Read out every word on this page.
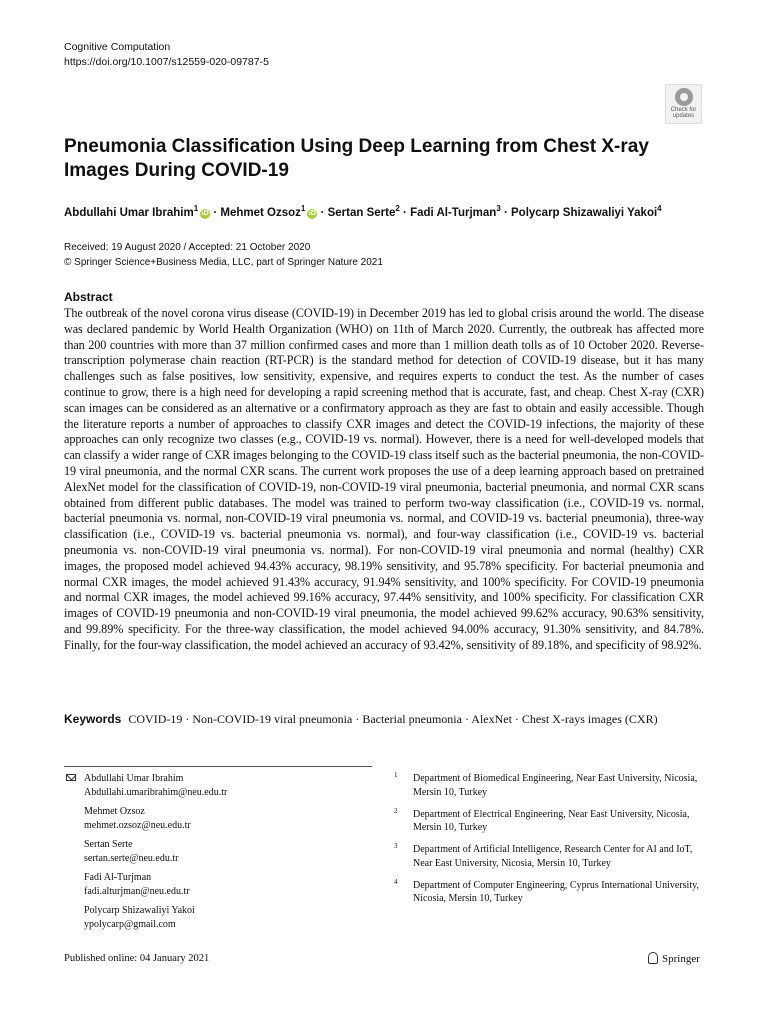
Cognitive Computation
https://doi.org/10.1007/s12559-020-09787-5
Check for updates
Pneumonia Classification Using Deep Learning from Chest X-ray Images During COVID-19
Abdullahi Umar Ibrahim$^1$iD · Mehmet Ozsoz$^1$iD · Sertan Serte$^2$ · Fadi Al-Turjman$^3$ · Polycarp Shizawaliyi Yakoi$^4$
Received: 19 August 2020 / Accepted: 21 October 2020
© Springer Science+Business Media, LLC, part of Springer Nature 2021
Abstract

The outbreak of the novel corona virus disease (COVID-19) in December 2019 has led to global crisis around the world. The disease was declared pandemic by World Health Organization (WHO) on 11th of March 2020. Currently, the outbreak has affected more than 200 countries with more than 37 million confirmed cases and more than 1 million death tolls as of 10 October 2020. Reverse-transcription polymerase chain reaction (RT-PCR) is the standard method for detection of COVID-19 disease, but it has many challenges such as false positives, low sensitivity, expensive, and requires experts to conduct the test. As the number of cases continue to grow, there is a high need for developing a rapid screening method that is accurate, fast, and cheap. Chest X-ray (CXR) scan images can be considered as an alternative or a confirmatory approach as they are fast to obtain and easily accessible. Though the literature reports a number of approaches to classify CXR images and detect the COVID-19 infections, the majority of these approaches can only recognize two classes (e.g., COVID-19 vs. normal). However, there is a need for well-developed models that can classify a wider range of CXR images belonging to the COVID-19 class itself such as the bacterial pneumonia, the non-COVID-19 viral pneumonia, and the normal CXR scans. The current work proposes the use of a deep learning approach based on pretrained AlexNet model for the classification of COVID-19, non-COVID-19 viral pneumonia, bacterial pneumonia, and normal CXR scans obtained from different public databases. The model was trained to perform two-way classification (i.e., COVID-19 vs. normal, bacterial pneumonia vs. normal, non-COVID-19 viral pneumonia vs. normal, and COVID-19 vs. bacterial pneumonia), three-way classification (i.e., COVID-19 vs. bacterial pneumonia vs. normal), and four-way classification (i.e., COVID-19 vs. bacterial pneumonia vs. non-COVID-19 viral pneumonia vs. normal). For non-COVID-19 viral pneumonia and normal (healthy) CXR images, the proposed model achieved 94.43% accuracy, 98.19% sensitivity, and 95.78% specificity. For bacterial pneumonia and normal CXR images, the model achieved 91.43% accuracy, 91.94% sensitivity, and 100% specificity. For COVID-19 pneumonia and normal CXR images, the model achieved 99.16% accuracy, 97.44% sensitivity, and 100% specificity. For classification CXR images of COVID-19 pneumonia and non-COVID-19 viral pneumonia, the model achieved 99.62% accuracy, 90.63% sensitivity, and 99.89% specificity. For the three-way classification, the model achieved 94.00% accuracy, 91.30% sensitivity, and 84.78%. Finally, for the four-way classification, the model achieved an accuracy of 93.42%, sensitivity of 89.18%, and specificity of 98.92%.

Keywords COVID-19 · Non-COVID-19 viral pneumonia · Bacterial pneumonia · AlexNet · Chest X-rays images (CXR)
Abdullahi Umar Ibrahim
Abdullahi.umaribrahim@neu.edu.tr
Mehmet Ozsoz
mehmet.ozsoz@neu.edu.tr
Sertan Serte
sertan.serte@neu.edu.tr
Fadi Al-Turjman
fadi.alturjman@neu.edu.tr
Polycarp Shizawaliyi Yakoi
ypolycarp@gmail.com
1 Department of Biomedical Engineering, Near East University, Nicosia, Mersin 10, Turkey
2 Department of Electrical Engineering, Near East University, Nicosia, Mersin 10, Turkey
3 Department of Artificial Intelligence, Research Center for AI and IoT, Near East University, Nicosia, Mersin 10, Turkey
4 Department of Computer Engineering, Cyprus International University, Nicosia, Mersin 10, Turkey
Published online: 04 January 2021	Springer
